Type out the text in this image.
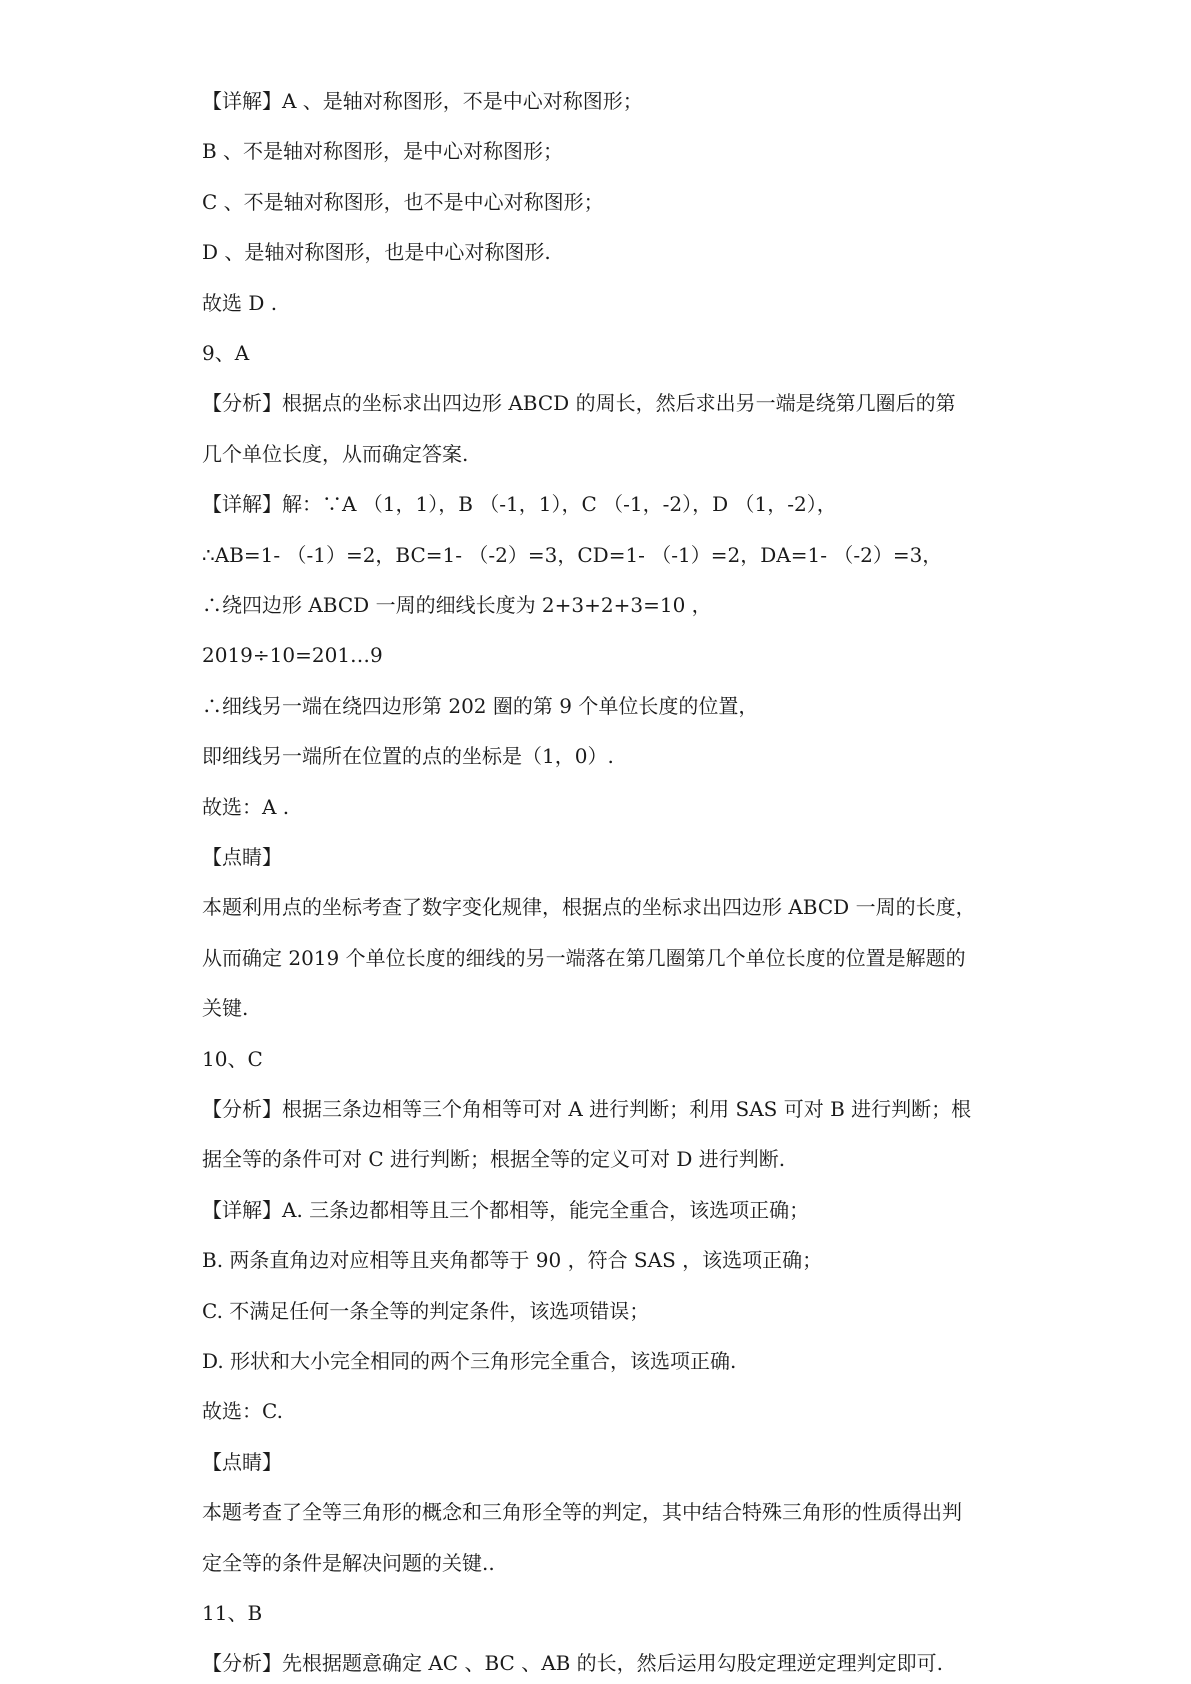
【详解】A 、是轴对称图形，不是中心对称图形；
B 、不是轴对称图形，是中心对称图形；
C 、不是轴对称图形，也不是中心对称图形；
D 、是轴对称图形，也是中心对称图形.
故选 D .
9、A
【分析】根据点的坐标求出四边形 ABCD 的周长，然后求出另一端是绕第几圈后的第
几个单位长度，从而确定答案.
【详解】解：∵A （1，1），B （-1，1），C （-1，-2），D （1，-2），
∴AB=1- （-1）=2，BC=1- （-2）=3，CD=1- （-1）=2，DA=1- （-2）=3，
∴绕四边形 ABCD 一周的细线长度为 2+3+2+3=10 ，
2019÷10=201…9
∴细线另一端在绕四边形第 202 圈的第 9 个单位长度的位置，
即细线另一端所在位置的点的坐标是（1，0）.
故选：A .
【点睛】
本题利用点的坐标考查了数字变化规律，根据点的坐标求出四边形 ABCD 一周的长度，
从而确定 2019 个单位长度的细线的另一端落在第几圈第几个单位长度的位置是解题的
关键.
10、C
【分析】根据三条边相等三个角相等可对 A 进行判断；利用 SAS 可对 B 进行判断；根
据全等的条件可对 C 进行判断；根据全等的定义可对 D 进行判断.
【详解】A. 三条边都相等且三个都相等，能完全重合，该选项正确；
B. 两条直角边对应相等且夹角都等于 90 ，符合 SAS ，该选项正确；
C. 不满足任何一条全等的判定条件，该选项错误；
D. 形状和大小完全相同的两个三角形完全重合，该选项正确.
故选：C.
【点睛】
本题考查了全等三角形的概念和三角形全等的判定，其中结合特殊三角形的性质得出判
定全等的条件是解决问题的关键..
11、B
【分析】先根据题意确定 AC 、BC 、AB 的长，然后运用勾股定理逆定理判定即可.
